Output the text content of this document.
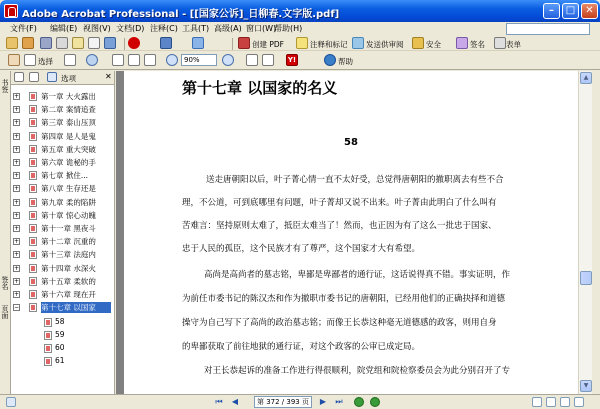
Adobe Acrobat Professional - [[国家公诉]_日柳春.文字版.pdf]	–	□	✕
文件(F) 编辑(E) 视图(V) 文档(D) 注释(C) 工具(T) 高级(A) 窗口(W)
帮助(H)
创建 PDF	注释和标记 发送供审阅	安全	签名	表单
选择	90%	Y!	帮助
书签
签名
页面
选项	✕
+	第一章 大火露出
+	第二章 案情追查
+	第三章 泰山压顶
+	第四章 是人是鬼
+	第五章 重大突破
+	第六章 诡秘的手
+	第七章 掀住...
+	第八章 生存还是
+	第九章 柔的陷阱
+	第十章 惊心动魄
+	第十一章 黑夜斗
+	第十二章 沉重的
+	第十三章 法庭内
+	第十四章 水深火
+	第十五章 柔软的
+	第十六章 现在开
−	第十七章 以国家
58
59
60
61
第十七章 以国家的名义
58
送走唐朝阳以后，叶子菁心情一直不太好受，总觉得唐朝阳的撤职离去有些不合
理，不公道，可到底哪里有问题，叶子菁却又说不出来。叶子菁由此明白了什么叫有
苦难言：坚持原则太难了，抵臣太难当了！然而，也正因为有了这么一批忠于国家、
忠于人民的孤臣，这个民族才有了尊严，这个国家才大有希望。
高尚是高尚者的墓志铭，卑鄙是卑鄙者的通行证，这话说得真不错。事实证明，作
为前任市委书记的陈汉杰和作为撤职市委书记的唐朝阳，已经用他们的正确抉择和道德
操守为自己写下了高尚的政治墓志铭；而像王长恭这种毫无道德感的政客，则用自身
的卑鄙获取了前往地狱的通行证，对这个政客的公审已成定局。
对王长恭起诉的准备工作进行得很顺利，院党组和院检察委员会为此分别召开了专
▲
▼
⏮ ◀	第 372 / 393 页	▶ ⏭
